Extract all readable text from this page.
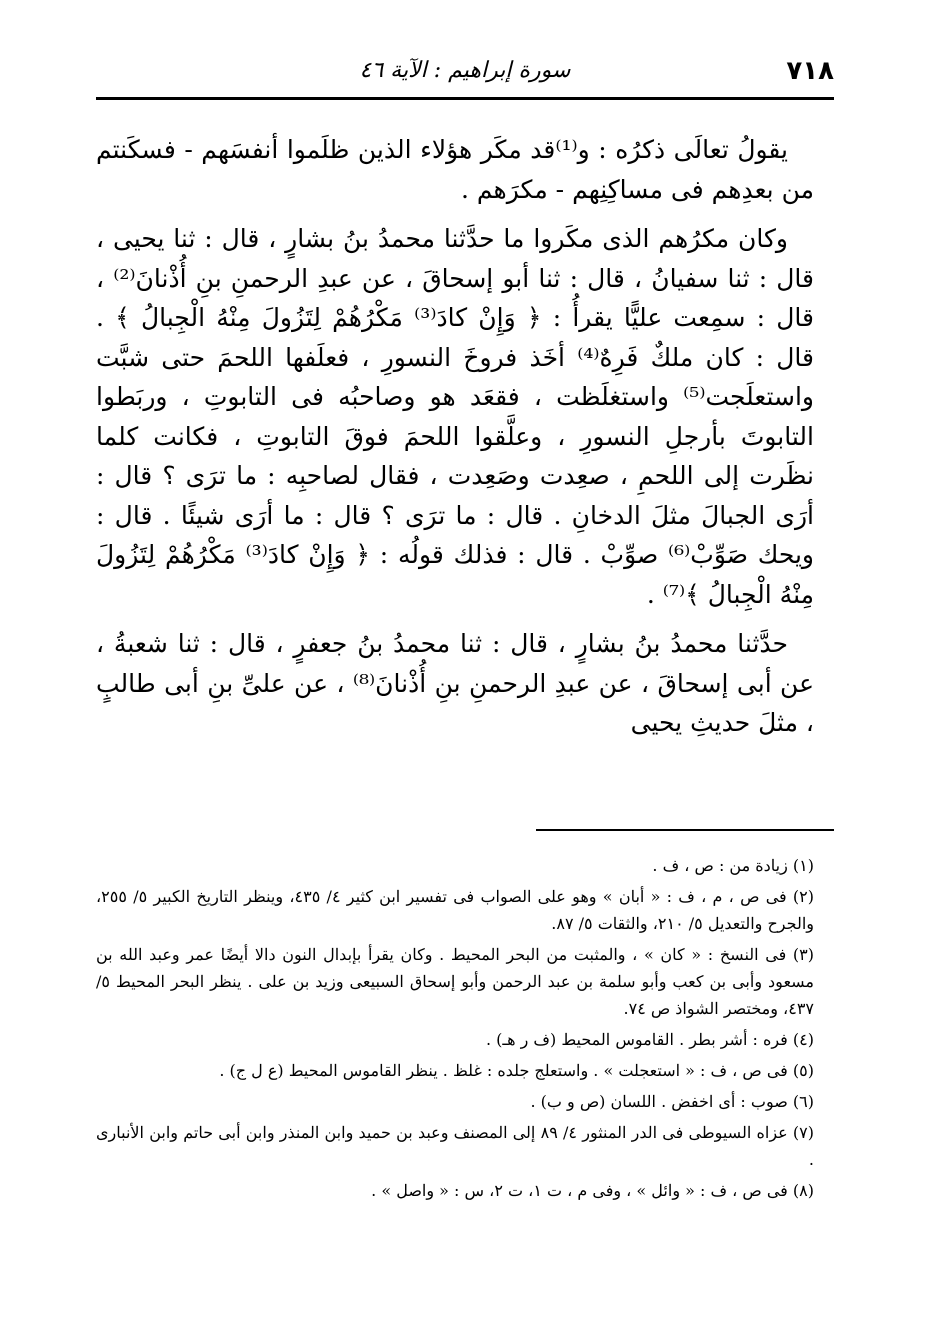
٧١٨
سورة إبراهيم : الآية ٤٦

يقولُ تعالَى ذكرُه : و⁽¹⁾قد مكَر هؤلاء الذين ظلَموا أنفسَهم - فسكَنتم من بعدِهم فى مساكِنِهم - مكرَهم .

وكان مكرُهم الذى مكَروا ما حدَّثنا محمدُ بنُ بشارٍ ، قال : ثنا يحيى ، قال : ثنا سفيانُ ، قال : ثنا أبو إسحاقَ ، عن عبدِ الرحمنِ بنِ أُذْنانَ⁽²⁾ ، قال : سمِعت عليًّا يقرأُ : ﴿ وَإِنْ كادَ⁽³⁾ مَكْرُهُمْ لِتَزُولَ مِنْهُ الْجِبالُ ﴾ . قال : كان ملكٌ فَرِهٌ⁽⁴⁾ أخَذ فروخَ النسورِ ، فعلَفها اللحمَ حتى شبَّت واستعلَجت⁽⁵⁾ واستغلَظت ، فقعَد هو وصاحبُه فى التابوتِ ، وربَطوا التابوتَ بأرجلِ النسورِ ، وعلَّقوا اللحمَ فوقَ التابوتِ ، فكانت كلما نظَرت إلى اللحمِ ، صعِدت وصَعِدت ، فقال لصاحبِه : ما ترَى ؟ قال : أرَى الجبالَ مثلَ الدخانِ . قال : ما ترَى ؟ قال : ما أرَى شيئًا . قال : ويحك صَوِّبْ⁽⁶⁾ صوِّبْ . قال : فذلك قولُه : ﴿ وَإِنْ كادَ⁽³⁾ مَكْرُهُمْ لِتَزُولَ مِنْهُ الْجِبالُ ﴾⁽⁷⁾ .

حدَّثنا محمدُ بنُ بشارٍ ، قال : ثنا محمدُ بنُ جعفرٍ ، قال : ثنا شعبةُ ، عن أبى إسحاقَ ، عن عبدِ الرحمنِ بنِ أُذْنانَ⁽⁸⁾ ، عن علىِّ بنِ أبى طالبٍ ، مثلَ حديثِ يحيى

(١) زيادة من : ص ، ف .

(٢) فى ص ، م ، ف : « أبان » وهو على الصواب فى تفسير ابن كثير ٤/ ٤٣٥، وينظر التاريخ الكبير ٥/ ٢٥٥، والجرح والتعديل ٥/ ٢١٠، والثقات ٥/ ٨٧.

(٣) فى النسخ : « كان » ، والمثبت من البحر المحيط . وكان يقرأ بإبدال النون دالا أيضًا عمر وعبد الله بن مسعود وأبى بن كعب وأبو سلمة بن عبد الرحمن وأبو إسحاق السبيعى وزيد بن على . ينظر البحر المحيط ٥/ ٤٣٧، ومختصر الشواذ ص ٧٤.

(٤) فره : أشر بطر . القاموس المحيط (ف ر هـ) .

(٥) فى ص ، ف : « استعجلت » . واستعلج جلده : غلظ . ينظر القاموس المحيط (ع ل ج) .

(٦) صوب : أى اخفض . اللسان (ص و ب) .

(٧) عزاه السيوطى فى الدر المنثور ٤/ ٨٩ إلى المصنف وعبد بن حميد وابن المنذر وابن أبى حاتم وابن الأنبارى .

(٨) فى ص ، ف : « وائل » ، وفى م ، ت ١، ت ٢، س : « واصل » .
